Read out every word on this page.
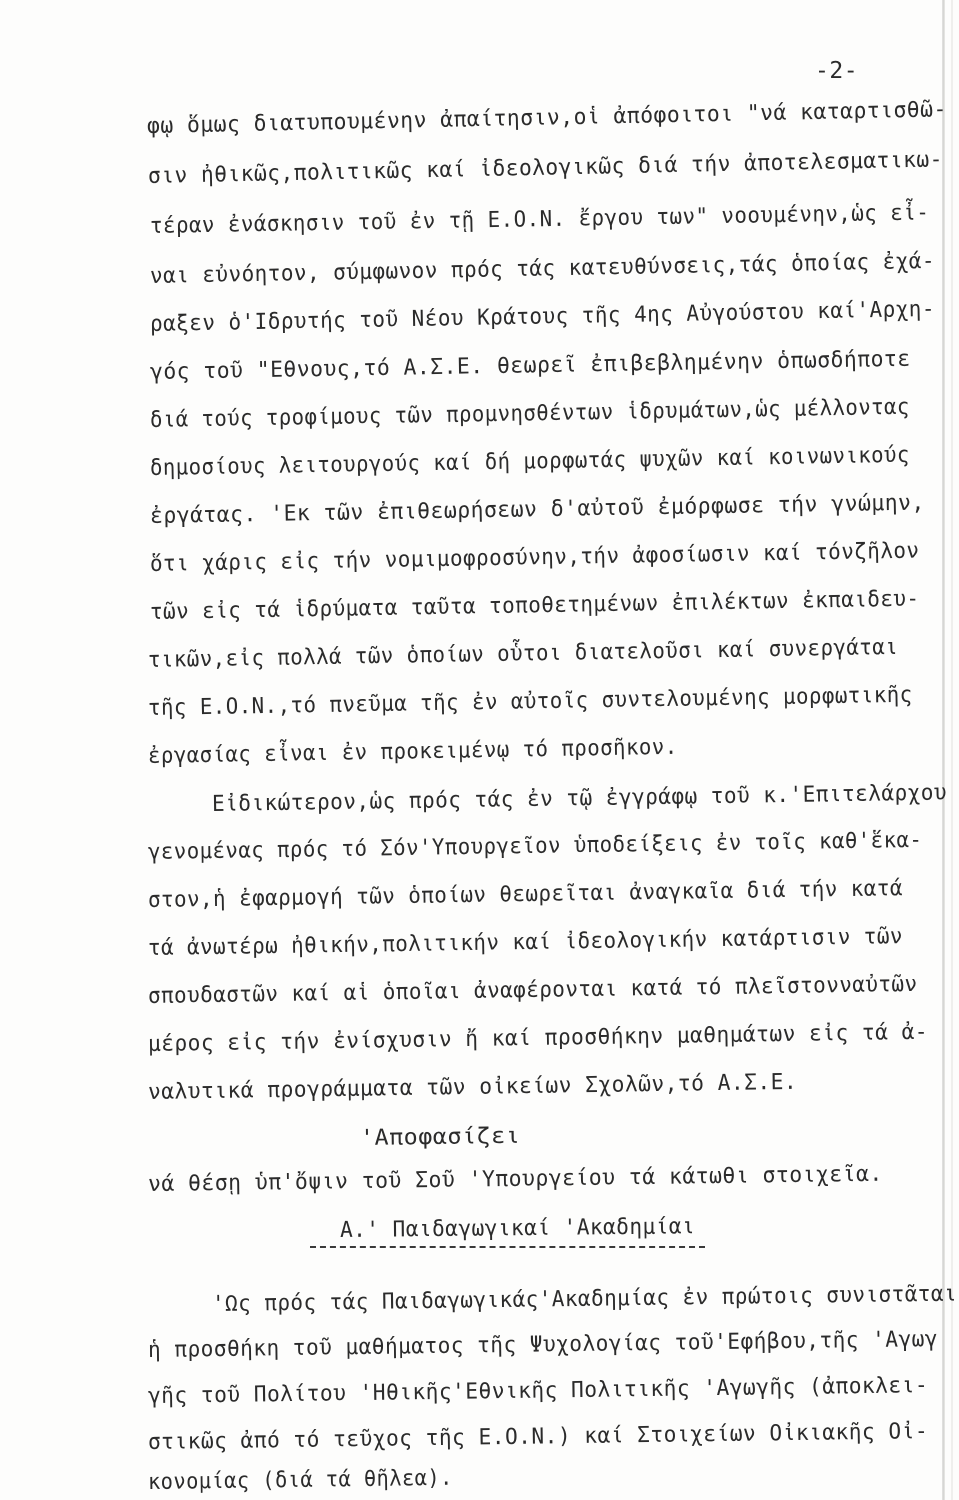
-2-
φῳ ὅμως διατυπουμένην ἀπαίτησιν,οἱ ἀπόφοιτοι "νά καταρτισθῶ-
σιν ἠθικῶς,πολιτικῶς καί ἰδεολογικῶς διά τήν ἀποτελεσματικω-
τέραν ἐνάσκησιν τοῦ ἐν τῇ Ε.Ο.Ν. ἔργου των" νοουμένην,ὡς εἶ-
ναι εὐνόητον, σύμφωνον πρός τάς κατευθύνσεις,τάς ὁποίας ἐχά-
ραξεν ὁ'Ιδρυτής τοῦ Νέου Κράτους τῆς 4ης Αὐγούστου καί'Αρχη-
γός τοῦ "Εθνους,τό Α.Σ.Ε. θεωρεῖ ἐπιβεβλημένην ὁπωσδήποτε
διά τούς τροφίμους τῶν προμνησθέντων ἱδρυμάτων,ὡς μέλλοντας
δημοσίους λειτουργούς καί δή μορφωτάς ψυχῶν καί κοινωνικούς
ἐργάτας. 'Εκ τῶν ἐπιθεωρήσεων δ'αὐτοῦ ἐμόρφωσε τήν γνώμην,
ὅτι χάρις εἰς τήν νομιμοφροσύνην,τήν ἀφοσίωσιν καί τόνζῆλον
τῶν εἰς τά ἱδρύματα ταῦτα τοποθετημένων ἐπιλέκτων ἐκπαιδευ-
τικῶν,εἰς πολλά τῶν ὁποίων οὗτοι διατελοῦσι καί συνεργάται
τῆς Ε.Ο.Ν.,τό πνεῦμα τῆς ἐν αὐτοῖς συντελουμένης μορφωτικῆς
ἐργασίας εἶναι ἐν προκειμένῳ τό προσῆκον.
Εἰδικώτερον,ὡς πρός τάς ἐν τῷ ἐγγράφῳ τοῦ κ.'Επιτελάρχου
γενομένας πρός τό Σόν'Υπουργεῖον ὑποδείξεις ἐν τοῖς καθ'ἕκα-
στον,ἡ ἐφαρμογή τῶν ὁποίων θεωρεῖται ἀναγκαῖα διά τήν κατά
τά ἀνωτέρω ἠθικήν,πολιτικήν καί ἰδεολογικήν κατάρτισιν τῶν
σπουδαστῶν καί αἱ ὁποῖαι ἀναφέρονται κατά τό πλεῖστονναὐτῶν
μέρος εἰς τήν ἐνίσχυσιν ἤ καί προσθήκην μαθημάτων εἰς τά ἀ-
ναλυτικά προγράμματα τῶν οἰκείων Σχολῶν,τό Α.Σ.Ε.
'Αποφασίζει
νά θέσῃ ὑπ'ὄψιν τοῦ Σοῦ 'Υπουργείου τά κάτωθι στοιχεῖα.
Α.' Παιδαγωγικαί 'Ακαδημίαι
'Ως πρός τάς Παιδαγωγικάς'Ακαδημίας ἐν πρώτοις συνιστᾶται
ἡ προσθήκη τοῦ μαθήματος τῆς Ψυχολογίας τοῦ'Εφήβου,τῆς 'Αγωγ
γῆς τοῦ Πολίτου 'Ηθικῆς'Εθνικῆς Πολιτικῆς 'Αγωγῆς (ἀποκλει-
στικῶς ἀπό τό τεῦχος τῆς Ε.Ο.Ν.) καί Στοιχείων Οἰκιακῆς Οἰ-
κονομίας (διά τά θῆλεα).
